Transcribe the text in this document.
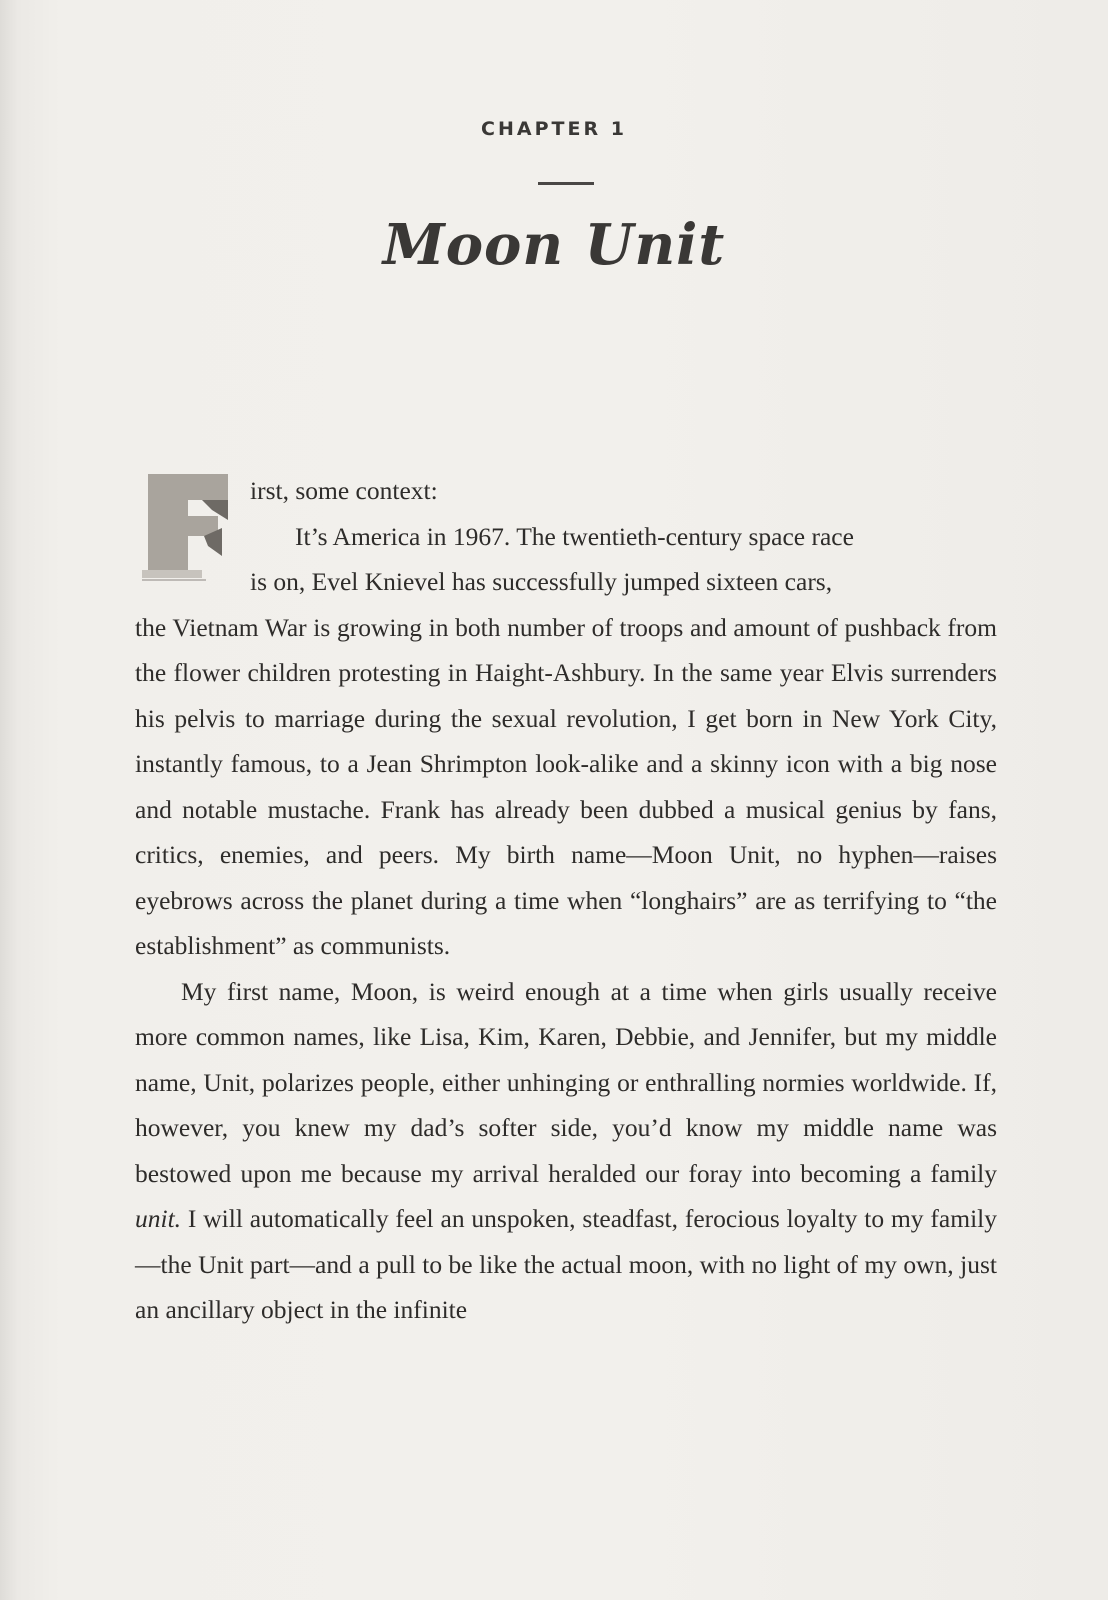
CHAPTER 1
Moon Unit

irst, some context:

It’s America in 1967. The twentieth-century space race
is on, Evel Knievel has successfully jumped sixteen cars,
the Vietnam War is growing in both number of troops and amount of pushback from the flower children protesting in Haight-Ashbury. In the same year Elvis surrenders his pelvis to marriage during the sexual revolution, I get born in New York City, instantly famous, to a Jean Shrimpton look-alike and a skinny icon with a big nose and notable mustache. Frank has already been dubbed a musical genius by fans, critics, enemies, and peers. My birth name—Moon Unit, no hyphen—raises eyebrows across the planet during a time when “longhairs” are as terrifying to “the establishment” as communists.

My first name, Moon, is weird enough at a time when girls usually receive more common names, like Lisa, Kim, Karen, Debbie, and Jennifer, but my middle name, Unit, polarizes people, either unhinging or enthralling normies worldwide. If, however, you knew my dad’s softer side, you’d know my middle name was bestowed upon me because my arrival heralded our foray into becoming a family unit. I will automatically feel an unspoken, steadfast, ferocious loyalty to my family—the Unit part—and a pull to be like the actual moon, with no light of my own, just an ancillary object in the infinite
